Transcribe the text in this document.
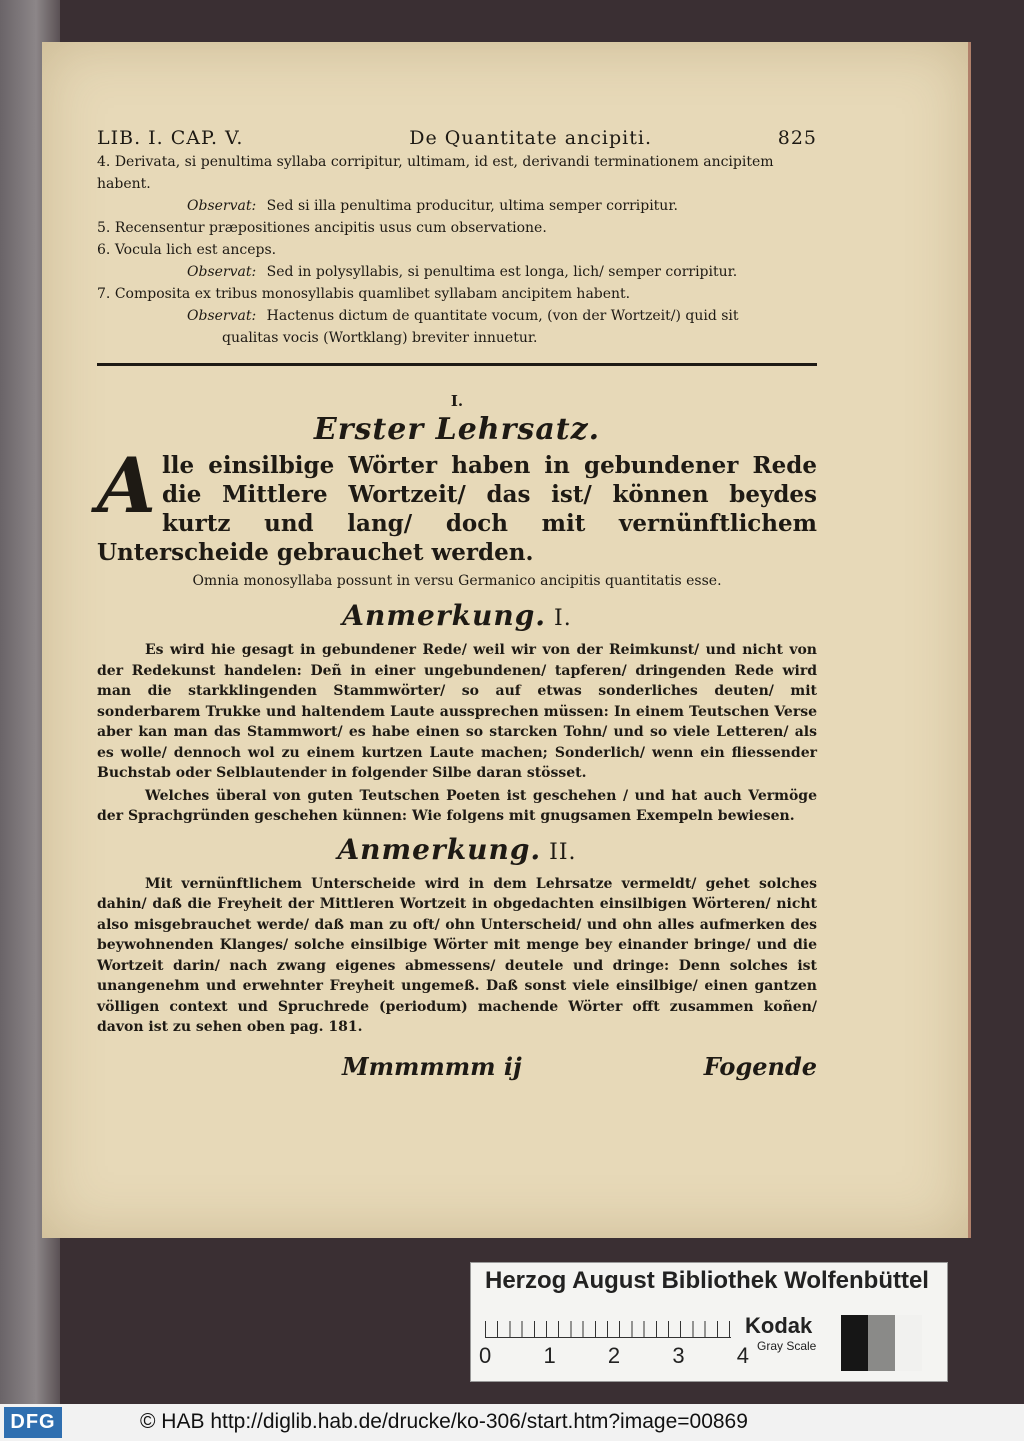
LIB. I. CAP. V.	De Quantitate ancipiti.	825
4. Derivata, si penultima syllaba corripitur, ultimam, id est, derivandi terminationem ancipitem habent.
Observat: Sed si illa penultima producitur, ultima semper corripitur.
5. Recensentur præpositiones ancipitis usus cum observatione.
6. Vocula lich est anceps.
Observat: Sed in polysyllabis, si penultima est longa, lich/ semper corripitur.
7. Composita ex tribus monosyllabis quamlibet syllabam ancipitem habent.
Observat: Hactenus dictum de quantitate vocum, (von der Wortzeit/) quid sit
qualitas vocis (Wortklang) breviter innuetur.
I.
Erster Lehrsatz.
A lle einsilbige Wörter haben in gebundener Rede die Mittlere Wortzeit/ das ist/ können beydes kurtz und lang/ doch mit vernünftlichem Unterscheide gebrauchet werden.
Omnia monosyllaba possunt in versu Germanico ancipitis quantitatis esse.
Anmerkung. I.

Es wird hie gesagt in gebundener Rede/ weil wir von der Reimkunst/ und nicht von der Redekunst handelen: Deñ in einer ungebundenen/ tapferen/ dringenden Rede wird man die starkklingenden Stammwörter/ so auf etwas sonderliches deuten/ mit sonderbarem Trukke und haltendem Laute aussprechen müssen: In einem Teutschen Verse aber kan man das Stammwort/ es habe einen so starcken Tohn/ und so viele Letteren/ als es wolle/ dennoch wol zu einem kurtzen Laute machen; Sonderlich/ wenn ein fliessender Buchstab oder Selblautender in folgender Silbe daran stösset.

Welches überal von guten Teutschen Poeten ist geschehen / und hat auch Vermöge der Sprachgründen geschehen künnen: Wie folgens mit gnugsamen Exempeln bewiesen.

Anmerkung. II.

Mit vernünftlichem Unterscheide wird in dem Lehrsatze vermeldt/ gehet solches dahin/ daß die Freyheit der Mittleren Wortzeit in obgedachten einsilbigen Wörteren/ nicht also misgebrauchet werde/ daß man zu oft/ ohn Unterscheid/ und ohn alles aufmerken des beywohnenden Klanges/ solche einsilbige Wörter mit menge bey einander bringe/ und die Wortzeit darin/ nach zwang eigenes abmessens/ deutele und dringe: Denn solches ist unangenehm und erwehnter Freyheit ungemeß. Daß sonst viele einsilbige/ einen gantzen völligen context und Spruchrede (periodum) machende Wörter offt zusammen koñen/ davon ist zu sehen oben pag. 181.

Mmmmmm ij	Fogende
Herzog August Bibliothek Wolfenbüttel
0 1 2 3 4
Kodak
Gray Scale
DFG	© HAB http://diglib.hab.de/drucke/ko-306/start.htm?image=00869
